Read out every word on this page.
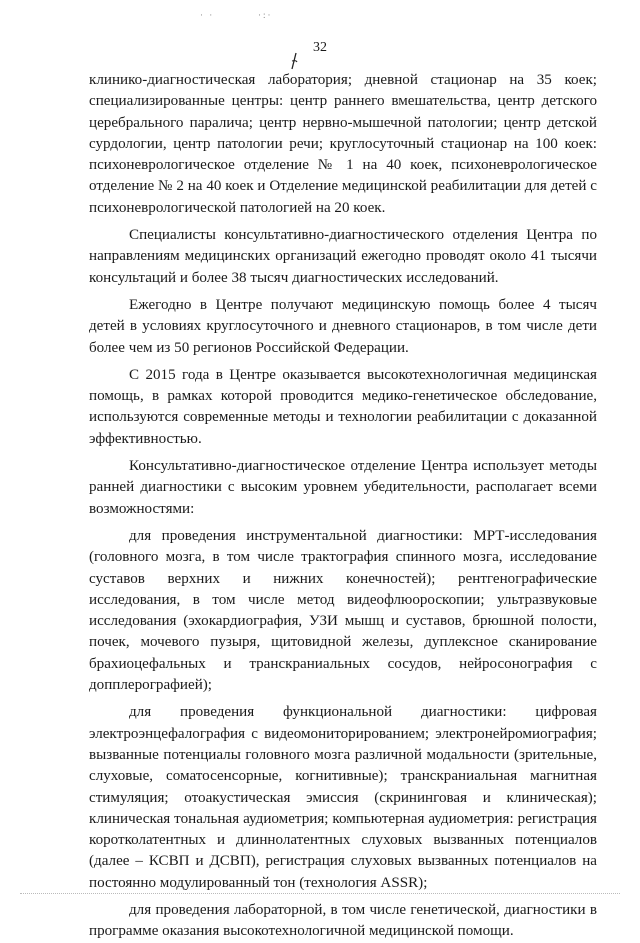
· ·	·:·
32

клинико-диагностическая лаборатория; дневной стационар на 35 коек; специализированные центры: центр раннего вмешательства, центр детского церебрального паралича; центр нервно-мышечной патологии; центр детской сурдологии, центр патологии речи; круглосуточный стационар на 100 коек: психоневрологическое отделение № 1 на 40 коек, психоневрологическое отделение № 2 на 40 коек и Отделение медицинской реабилитации для детей с психоневрологической патологией на 20 коек.

Специалисты консультативно-диагностического отделения Центра по направлениям медицинских организаций ежегодно проводят около 41 тысячи консультаций и более 38 тысяч диагностических исследований.

Ежегодно в Центре получают медицинскую помощь более 4 тысяч детей в условиях круглосуточного и дневного стационаров, в том числе дети более чем из 50 регионов Российской Федерации.

С 2015 года в Центре оказывается высокотехнологичная медицинская помощь, в рамках которой проводится медико-генетическое обследование, используются современные методы и технологии реабилитации с доказанной эффективностью.

Консультативно-диагностическое отделение Центра использует методы ранней диагностики с высоким уровнем убедительности, располагает всеми возможностями:

для проведения инструментальной диагностики: МРТ-исследования (головного мозга, в том числе трактография спинного мозга, исследование суставов верхних и нижних конечностей); рентгенографические исследования, в том числе метод видеофлюороскопии; ультразвуковые исследования (эхокардиография, УЗИ мышц и суставов, брюшной полости, почек, мочевого пузыря, щитовидной железы, дуплексное сканирование брахиоцефальных и транскраниальных сосудов, нейросонография с допплерографией);

для проведения функциональной диагностики: цифровая электроэнцефалография с видеомониторированием; электронейромиография; вызванные потенциалы головного мозга различной модальности (зрительные, слуховые, соматосенсорные, когнитивные); транскраниальная магнитная стимуляция; отоакустическая эмиссия (скрининговая и клиническая); клиническая тональная аудиометрия; компьютерная аудиометрия: регистрация коротколатентных и длиннолатентных слуховых вызванных потенциалов (далее – КСВП и ДСВП), регистрация слуховых вызванных потенциалов на постоянно модулированный тон (технология ASSR);

для проведения лабораторной, в том числе генетической, диагностики в программе оказания высокотехнологичной медицинской помощи.
